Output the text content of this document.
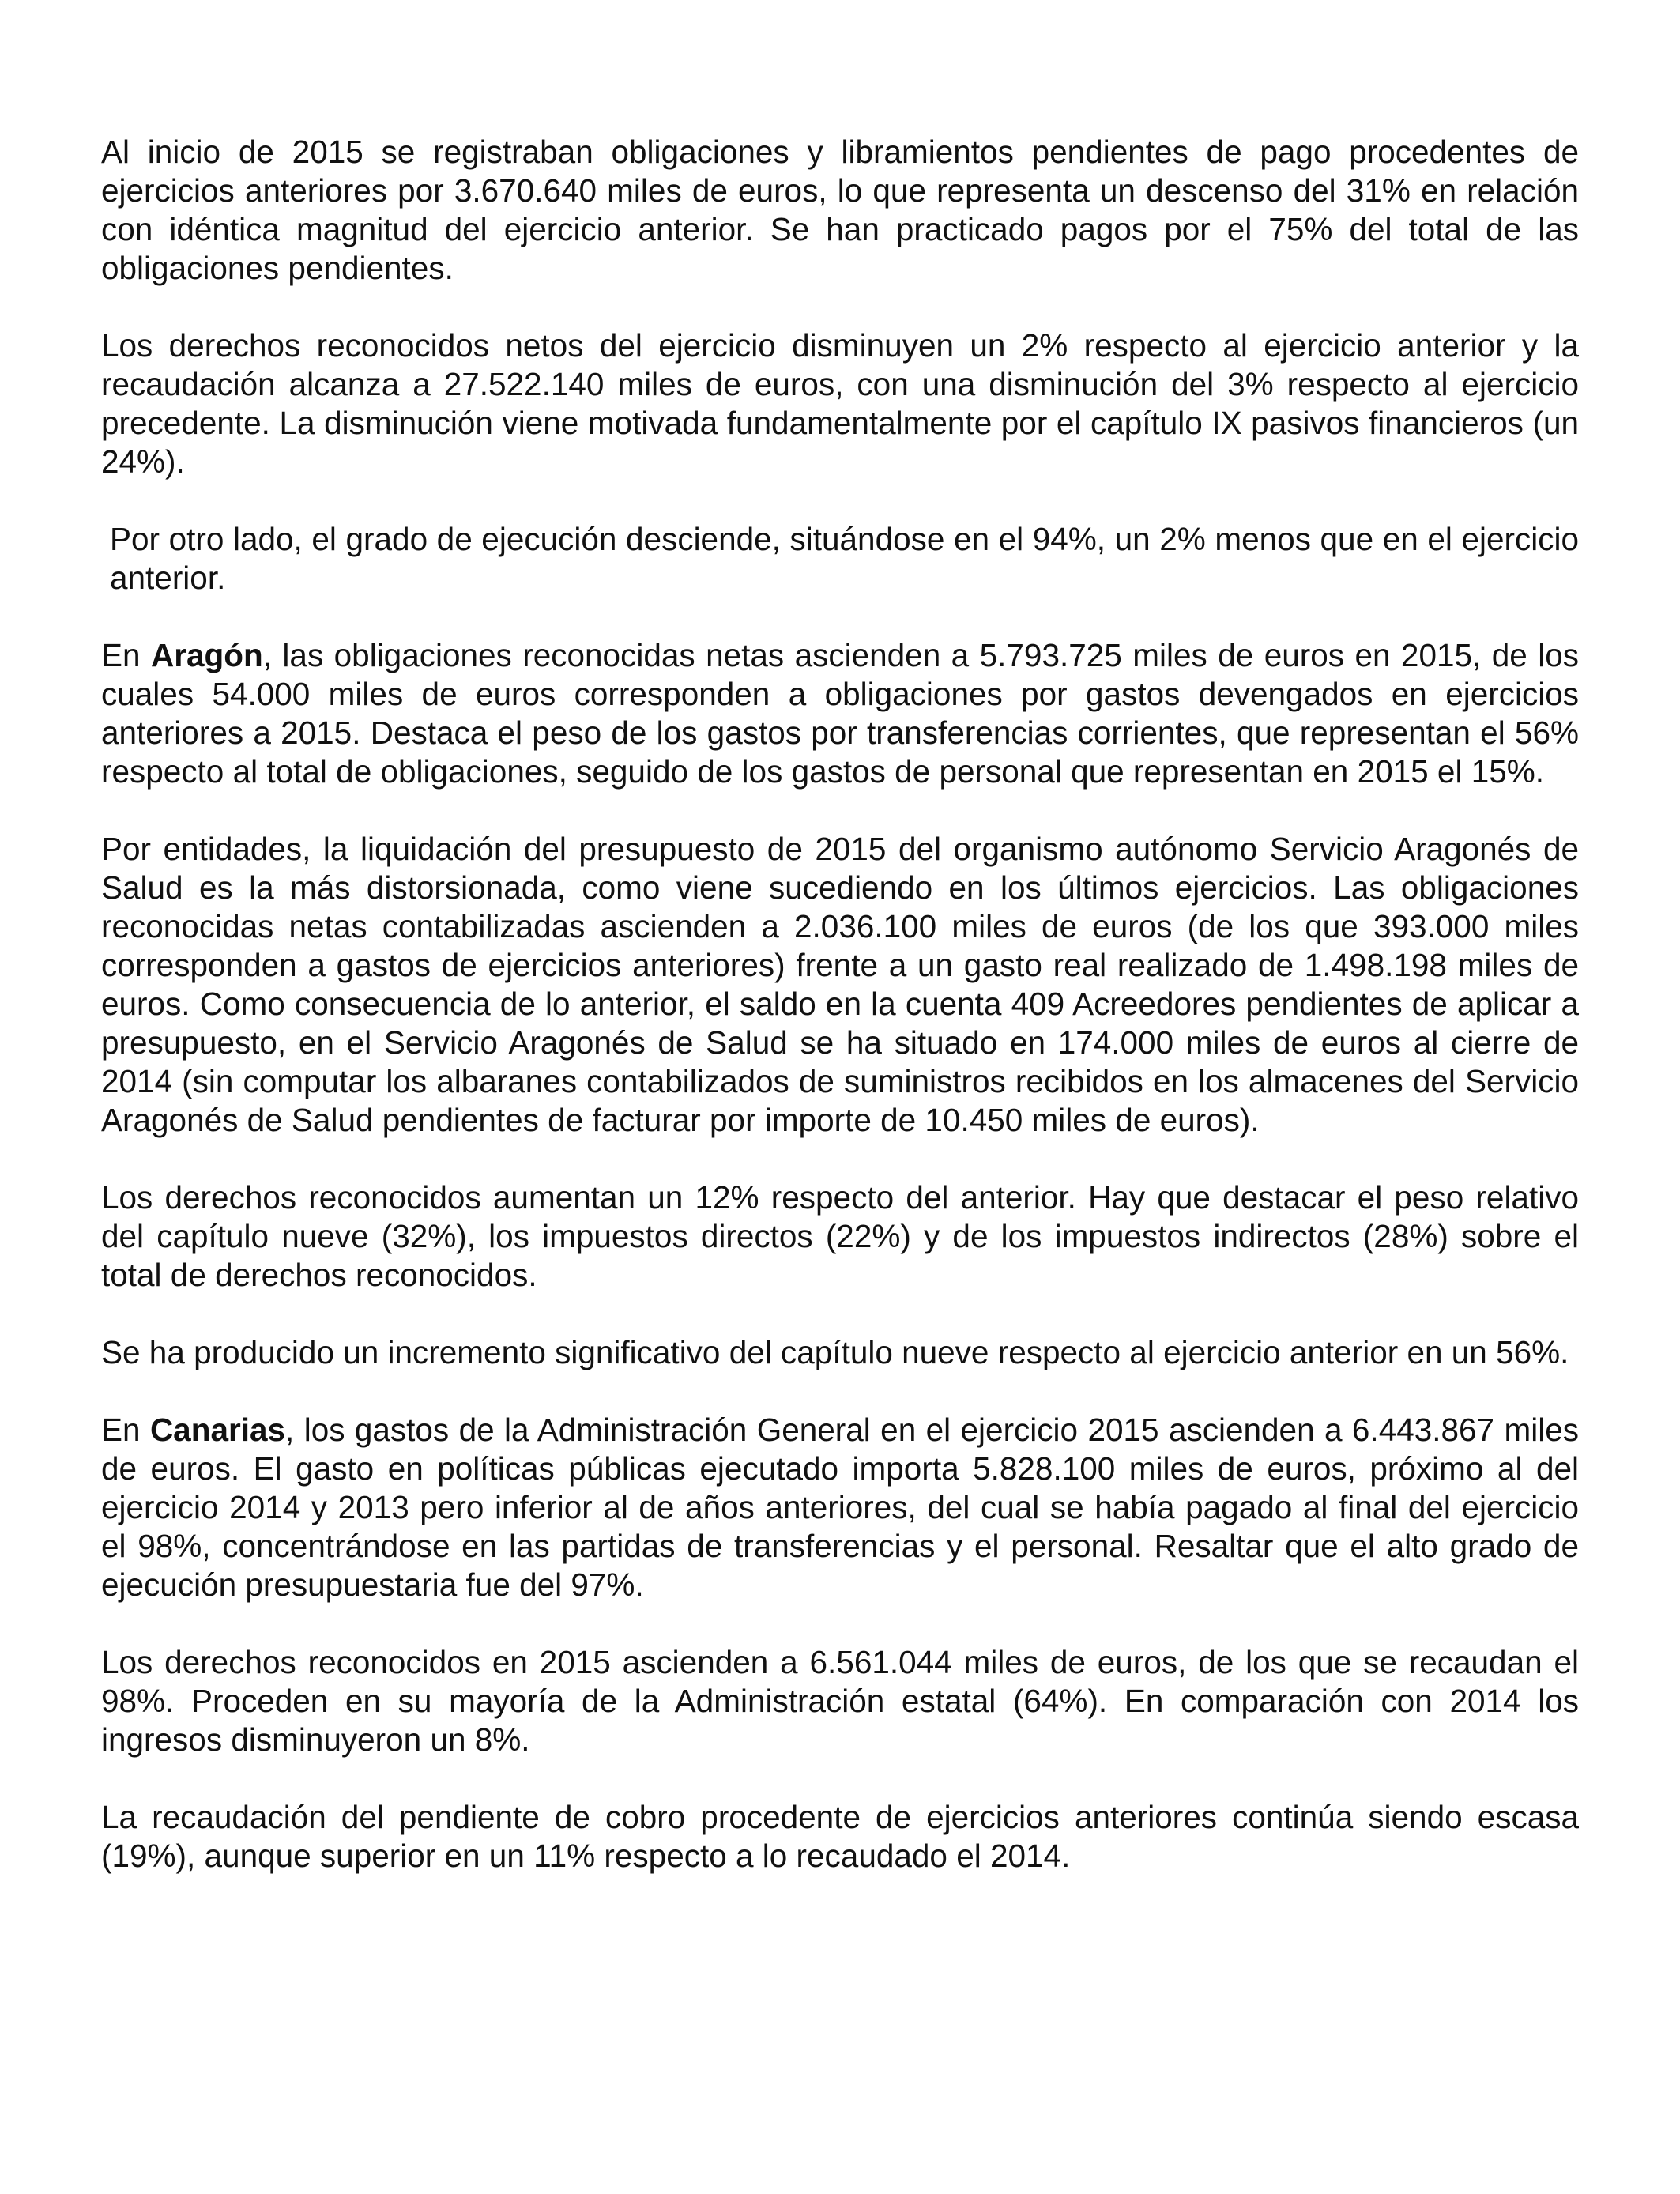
Al inicio de 2015 se registraban obligaciones y libramientos pendientes de pago procedentes de ejercicios anteriores por 3.670.640 miles de euros, lo que representa un descenso del 31% en relación con idéntica magnitud del ejercicio anterior. Se han practicado pagos por el 75% del total de las obligaciones pendientes.

Los derechos reconocidos netos del ejercicio disminuyen un 2% respecto al ejercicio anterior y la recaudación alcanza a 27.522.140 miles de euros, con una disminución del 3% respecto al ejercicio precedente. La disminución viene motivada fundamentalmente por el capítulo IX pasivos financieros (un 24%).

Por otro lado, el grado de ejecución desciende, situándose en el 94%, un 2% menos que en el ejercicio anterior.

En Aragón, las obligaciones reconocidas netas ascienden a 5.793.725 miles de euros en 2015, de los cuales 54.000 miles de euros corresponden a obligaciones por gastos devengados en ejercicios anteriores a 2015. Destaca el peso de los gastos por transferencias corrientes, que representan el 56% respecto al total de obligaciones, seguido de los gastos de personal que representan en 2015 el 15%.

Por entidades, la liquidación del presupuesto de 2015 del organismo autónomo Servicio Aragonés de Salud es la más distorsionada, como viene sucediendo en los últimos ejercicios. Las obligaciones reconocidas netas contabilizadas ascienden a 2.036.100 miles de euros (de los que 393.000 miles corresponden a gastos de ejercicios anteriores) frente a un gasto real realizado de 1.498.198 miles de euros. Como consecuencia de lo anterior, el saldo en la cuenta 409 Acreedores pendientes de aplicar a presupuesto, en el Servicio Aragonés de Salud se ha situado en 174.000 miles de euros al cierre de 2014 (sin computar los albaranes contabilizados de suministros recibidos en los almacenes del Servicio Aragonés de Salud pendientes de facturar por importe de 10.450 miles de euros).

Los derechos reconocidos aumentan un 12% respecto del anterior. Hay que destacar el peso relativo del capítulo nueve (32%), los impuestos directos (22%) y de los impuestos indirectos (28%) sobre el total de derechos reconocidos.

Se ha producido un incremento significativo del capítulo nueve respecto al ejercicio anterior en un 56%.

En Canarias, los gastos de la Administración General en el ejercicio 2015 ascienden a 6.443.867 miles de euros. El gasto en políticas públicas ejecutado importa 5.828.100 miles de euros, próximo al del ejercicio 2014 y 2013 pero inferior al de años anteriores, del cual se había pagado al final del ejercicio el 98%, concentrándose en las partidas de transferencias y el personal. Resaltar que el alto grado de ejecución presupuestaria fue del 97%.

Los derechos reconocidos en 2015 ascienden a 6.561.044 miles de euros, de los que se recaudan el 98%. Proceden en su mayoría de la Administración estatal (64%). En comparación con 2014 los ingresos disminuyeron un 8%.

La recaudación del pendiente de cobro procedente de ejercicios anteriores continúa siendo escasa (19%), aunque superior en un 11% respecto a lo recaudado el 2014.
